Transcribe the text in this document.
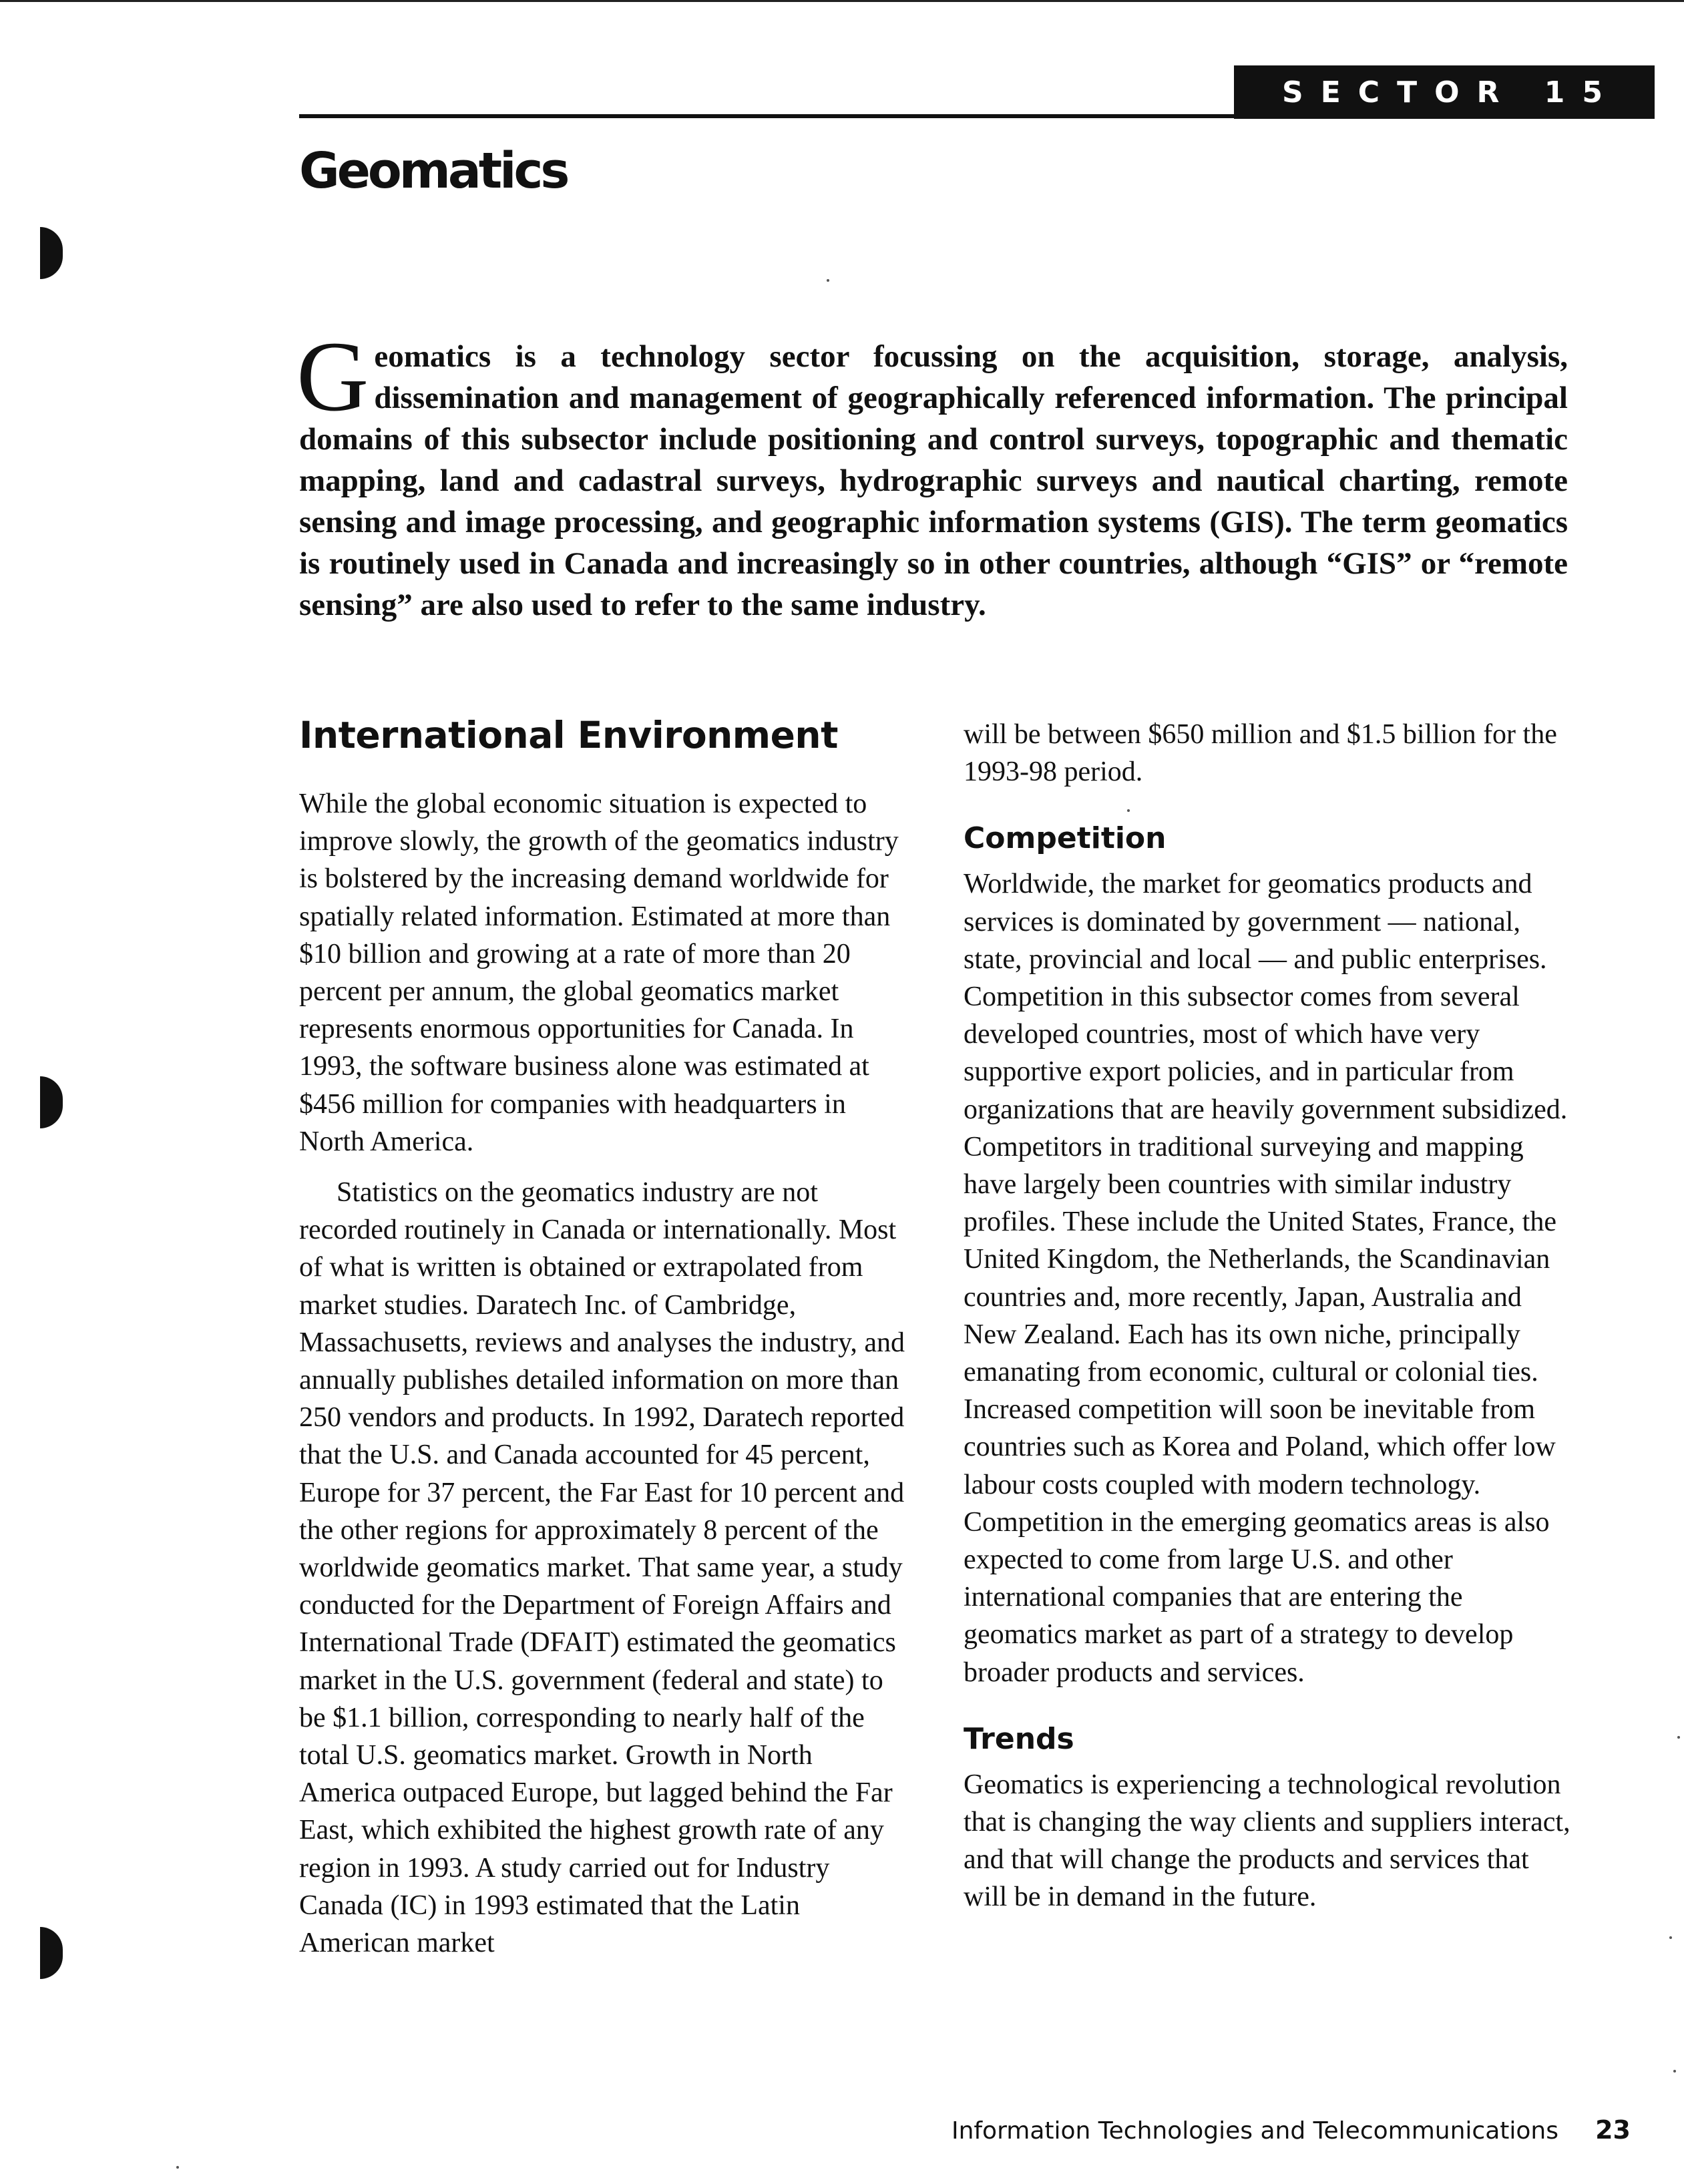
SECTOR 15
Geomatics

Geomatics is a technology sector focussing on the acquisition, storage, analysis, dissemination and management of geographically referenced information. The principal domains of this subsector include positioning and control surveys, topographic and thematic mapping, land and cadastral surveys, hydrographic surveys and nautical charting, remote sensing and image processing, and geographic information systems (GIS). The term geomatics is routinely used in Canada and increasingly so in other countries, although “GIS” or “remote sensing” are also used to refer to the same industry.

International Environment

While the global economic situation is expected to improve slowly, the growth of the geomatics industry is bolstered by the increasing demand worldwide for spatially related information. Estimated at more than $10 billion and growing at a rate of more than 20 percent per annum, the global geomatics market represents enormous opportunities for Canada. In 1993, the software business alone was estimated at $456 million for companies with headquarters in North America.

Statistics on the geomatics industry are not recorded routinely in Canada or internationally. Most of what is written is obtained or extrapolated from market studies. Daratech Inc. of Cambridge, Massachusetts, reviews and analyses the industry, and annually publishes detailed information on more than 250 vendors and products. In 1992, Daratech reported that the U.S. and Canada accounted for 45 percent, Europe for 37 percent, the Far East for 10 percent and the other regions for approximately 8 percent of the worldwide geomatics market. That same year, a study conducted for the Department of Foreign Affairs and International Trade (DFAIT) estimated the geomatics market in the U.S. government (federal and state) to be $1.1 billion, corresponding to nearly half of the total U.S. geomatics market. Growth in North America outpaced Europe, but lagged behind the Far East, which exhibited the highest growth rate of any region in 1993. A study carried out for Industry Canada (IC) in 1993 estimated that the Latin American market

will be between $650 million and $1.5 billion for the 1993-98 period.

Competition

Worldwide, the market for geomatics products and services is dominated by government — national, state, provincial and local — and public enterprises. Competition in this subsector comes from several developed countries, most of which have very supportive export policies, and in particular from organizations that are heavily government subsidized. Competitors in traditional surveying and mapping have largely been countries with similar industry profiles. These include the United States, France, the United Kingdom, the Netherlands, the Scandinavian countries and, more recently, Japan, Australia and New Zealand. Each has its own niche, principally emanating from economic, cultural or colonial ties. Increased competition will soon be inevitable from countries such as Korea and Poland, which offer low labour costs coupled with modern technology. Competition in the emerging geomatics areas is also expected to come from large U.S. and other international companies that are entering the geomatics market as part of a strategy to develop broader products and services.

Trends

Geomatics is experiencing a technological revolution that is changing the way clients and suppliers interact, and that will change the products and services that will be in demand in the future.

Information Technologies and Telecommunications 23
